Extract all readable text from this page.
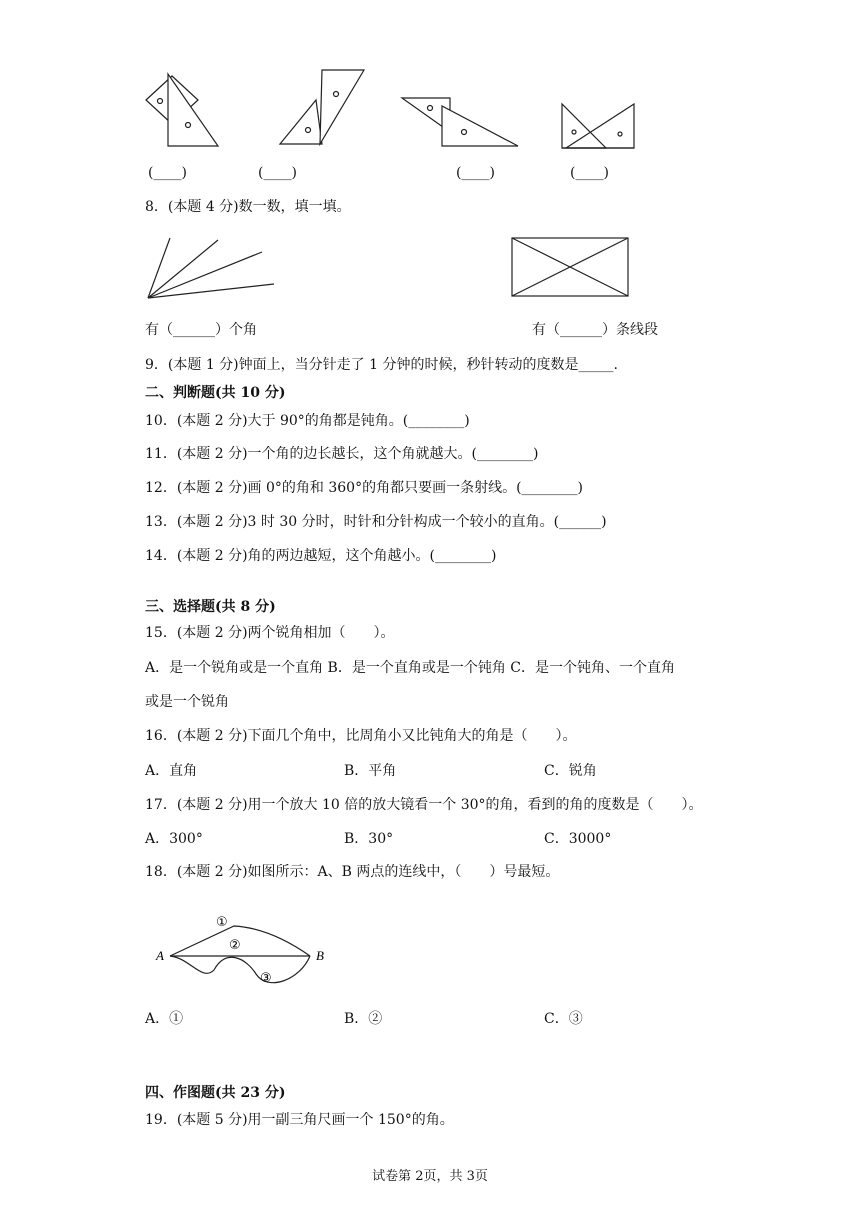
(____)	(____)	(____)	(____)
8．(本题 4 分)数一数，填一填。
有（______）个角	有（______）条线段
9．(本题 1 分)钟面上，当分针走了 1 分钟的时候，秒针转动的度数是_____.
二、判断题(共 10 分)
10．(本题 2 分)大于 90°的角都是钝角。(________)
11．(本题 2 分)一个角的边长越长，这个角就越大。(________)
12．(本题 2 分)画 0°的角和 360°的角都只要画一条射线。(________)
13．(本题 2 分)3 时 30 分时，时针和分针构成一个较小的直角。(______)
14．(本题 2 分)角的两边越短，这个角越小。(________)
三、选择题(共 8 分)
15．(本题 2 分)两个锐角相加（　　）。
A．是一个锐角或是一个直角 B．是一个直角或是一个钝角 C．是一个钝角、一个直角
或是一个锐角
16．(本题 2 分)下面几个角中，比周角小又比钝角大的角是（　　）。
A．直角	B．平角	C．锐角
17．(本题 2 分)用一个放大 10 倍的放大镜看一个 30°的角，看到的角的度数是（　　）。
A．300°	B．30°	C．3000°
18．(本题 2 分)如图所示：A、B 两点的连线中，（　　）号最短。
A	B
①
②
③
A．①	B．②	C．③
四、作图题(共 23 分)
19．(本题 5 分)用一副三角尺画一个 150°的角。
试卷第 2页，共 3页
